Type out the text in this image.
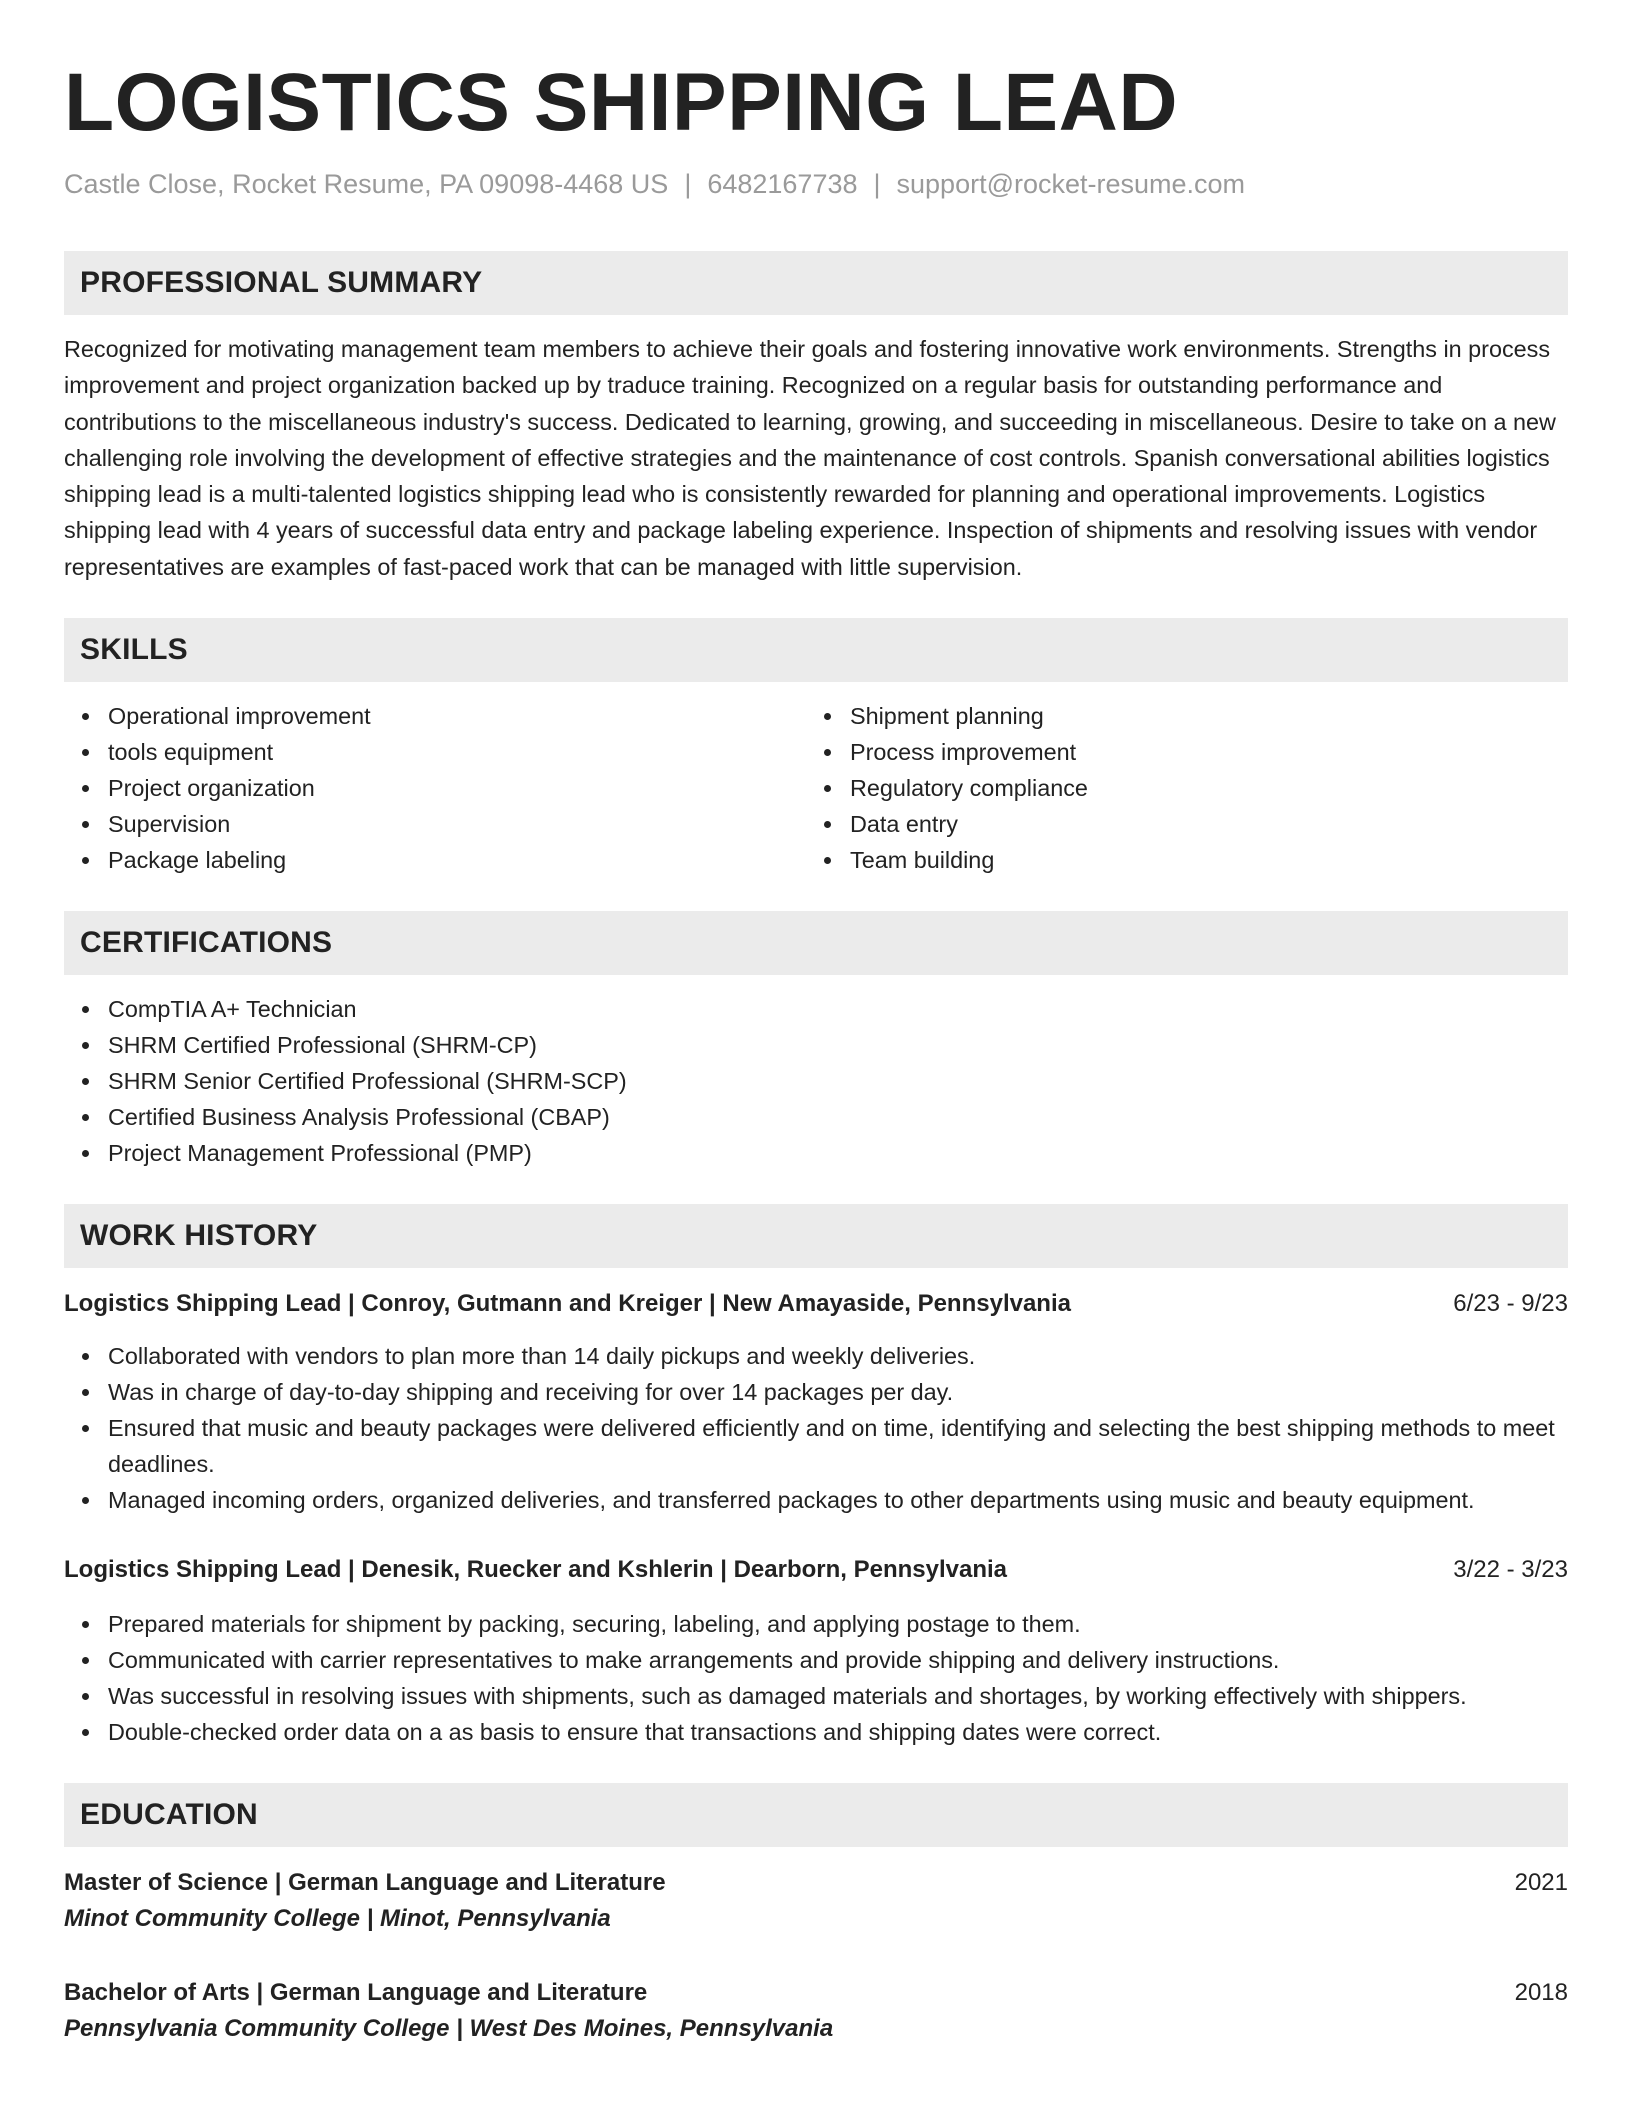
LOGISTICS SHIPPING LEAD
Castle Close, Rocket Resume, PA 09098-4468 US | 6482167738 | support@rocket-resume.com
PROFESSIONAL SUMMARY

Recognized for motivating management team members to achieve their goals and fostering innovative work environments. Strengths in process improvement and project organization backed up by traduce training. Recognized on a regular basis for outstanding performance and contributions to the miscellaneous industry's success. Dedicated to learning, growing, and succeeding in miscellaneous. Desire to take on a new challenging role involving the development of effective strategies and the maintenance of cost controls. Spanish conversational abilities logistics shipping lead is a multi-talented logistics shipping lead who is consistently rewarded for planning and operational improvements. Logistics shipping lead with 4 years of successful data entry and package labeling experience. Inspection of shipments and resolving issues with vendor representatives are examples of fast-paced work that can be managed with little supervision.

SKILLS
Operational improvement
tools equipment
Project organization
Supervision
Package labeling
Shipment planning
Process improvement
Regulatory compliance
Data entry
Team building
CERTIFICATIONS
CompTIA A+ Technician
SHRM Certified Professional (SHRM-CP)
SHRM Senior Certified Professional (SHRM-SCP)
Certified Business Analysis Professional (CBAP)
Project Management Professional (PMP)
WORK HISTORY
Logistics Shipping Lead | Conroy, Gutmann and Kreiger | New Amayaside, Pennsylvania	6/23 - 9/23
Collaborated with vendors to plan more than 14 daily pickups and weekly deliveries.
Was in charge of day-to-day shipping and receiving for over 14 packages per day.
Ensured that music and beauty packages were delivered efficiently and on time, identifying and selecting the best shipping methods to meet deadlines.
Managed incoming orders, organized deliveries, and transferred packages to other departments using music and beauty equipment.
Logistics Shipping Lead | Denesik, Ruecker and Kshlerin | Dearborn, Pennsylvania	3/22 - 3/23
Prepared materials for shipment by packing, securing, labeling, and applying postage to them.
Communicated with carrier representatives to make arrangements and provide shipping and delivery instructions.
Was successful in resolving issues with shipments, such as damaged materials and shortages, by working effectively with shippers.
Double-checked order data on a as basis to ensure that transactions and shipping dates were correct.
EDUCATION
Master of Science | German Language and Literature	2021
Minot Community College | Minot, Pennsylvania
Bachelor of Arts | German Language and Literature	2018
Pennsylvania Community College | West Des Moines, Pennsylvania
